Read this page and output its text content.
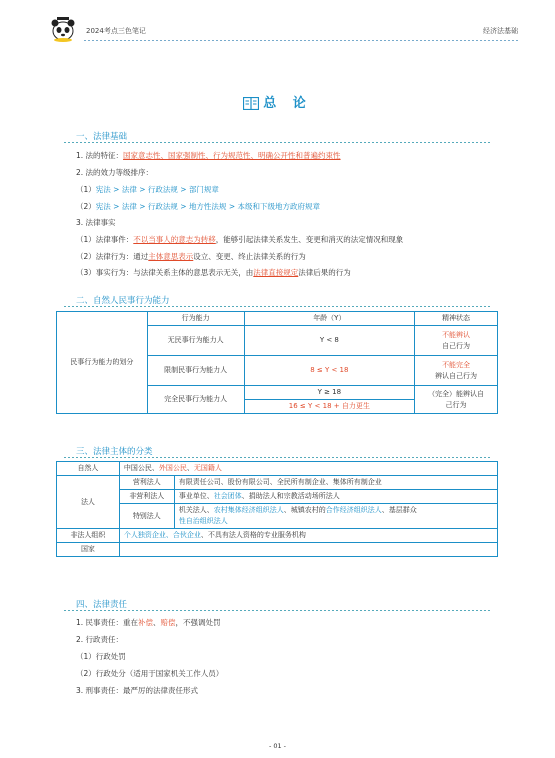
2024考点三色笔记	经济法基础
总 论
一、法律基础
1. 法的特征：国家意志性、国家强制性、行为规范性、明确公开性和普遍约束性
2. 法的效力等级排序：
（1）宪法 > 法律 > 行政法规 > 部门规章
（2）宪法 > 法律 > 行政法规 > 地方性法规 > 本级和下级地方政府规章
3. 法律事实
（1）法律事件：不以当事人的意志为转移，能够引起法律关系发生、变更和消灭的法定情况和现象
（2）法律行为：通过主体意思表示设立、变更、终止法律关系的行为
（3）事实行为：与法律关系主体的意思表示无关，由法律直接规定法律后果的行为
二、自然人民事行为能力
民事行为能力的划分	行为能力	年龄（Y）	精神状态
	无民事行为能力人	Y < 8	不能辨认
自己行为
	限制民事行为能力人	8 ≤ Y < 18	不能完全
辨认自己行为
	完全民事行为能力人	Y ≥ 18	（完全）能辨认自己行为
		16 ≤ Y < 18 + 自力更生	
三、法律主体的分类
自然人	中国公民、外国公民、无国籍人	
法人	营利法人	有限责任公司、股份有限公司、全民所有制企业、集体所有制企业
	非营利法人	事业单位、社会团体、捐助法人和宗教活动场所法人
	特别法人	机关法人、农村集体经济组织法人、城镇农村的合作经济组织法人、基层群众
性自治组织法人
非法人组织	个人独资企业、合伙企业、不具有法人资格的专业服务机构	
国家		
四、法律责任
1. 民事责任：重在补偿、赔偿，不强调处罚
2. 行政责任：
（1）行政处罚
（2）行政处分（适用于国家机关工作人员）
3. 刑事责任：最严厉的法律责任形式
- 01 -
